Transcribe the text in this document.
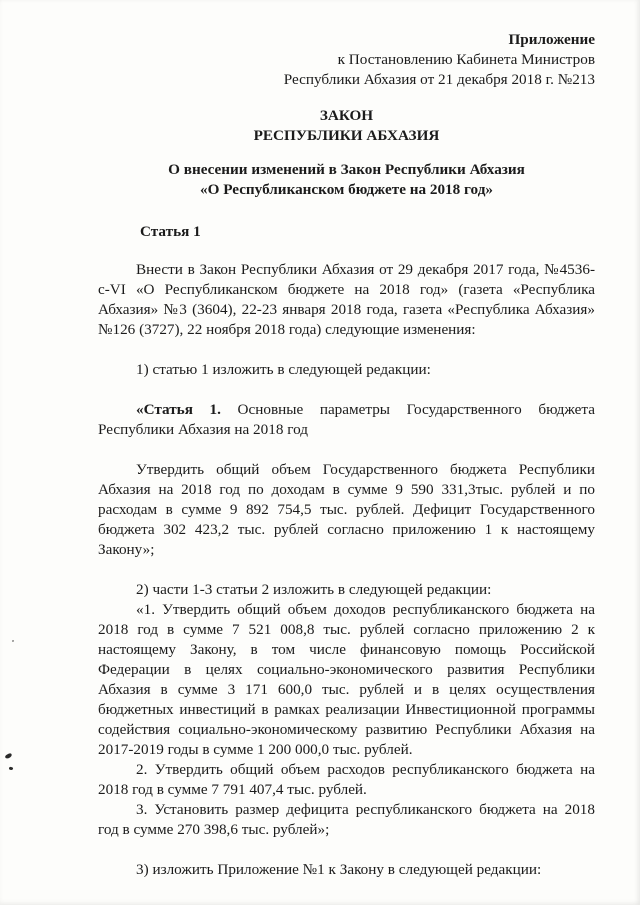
Приложение
к Постановлению Кабинета Министров
Республики Абхазия от 21 декабря 2018 г. №213
ЗАКОН
РЕСПУБЛИКИ АБХАЗИЯ
О внесении изменений в Закон Республики Абхазия
«О Республиканском бюджете на 2018 год»

Статья 1

Внести в Закон Республики Абхазия от 29 декабря 2017 года, №4536-с-VI «О Республиканском бюджете на 2018 год» (газета «Республика Абхазия» №3 (3604), 22-23 января 2018 года, газета «Республика Абхазия» №126 (3727), 22 ноября 2018 года) следующие изменения:

1) статью 1 изложить в следующей редакции:

«Статья 1. Основные параметры Государственного бюджета Республики Абхазия на 2018 год

Утвердить общий объем Государственного бюджета Республики Абхазия на 2018 год по доходам в сумме 9 590 331,3тыс. рублей и по расходам в сумме 9 892 754,5 тыс. рублей. Дефицит Государственного бюджета 302 423,2 тыс. рублей согласно приложению 1 к настоящему Закону»;

2) части 1-3 статьи 2 изложить в следующей редакции:

«1. Утвердить общий объем доходов республиканского бюджета на 2018 год в сумме 7 521 008,8 тыс. рублей согласно приложению 2 к настоящему Закону, в том числе финансовую помощь Российской Федерации в целях социально-экономического развития Республики Абхазия в сумме 3 171 600,0 тыс. рублей и в целях осуществления бюджетных инвестиций в рамках реализации Инвестиционной программы содействия социально-экономическому развитию Республики Абхазия на 2017-2019 годы в сумме 1 200 000,0 тыс. рублей.

2. Утвердить общий объем расходов республиканского бюджета на 2018 год в сумме 7 791 407,4 тыс. рублей.

3. Установить размер дефицита республиканского бюджета на 2018 год в сумме 270 398,6 тыс. рублей»;

3) изложить Приложение №1 к Закону в следующей редакции:
